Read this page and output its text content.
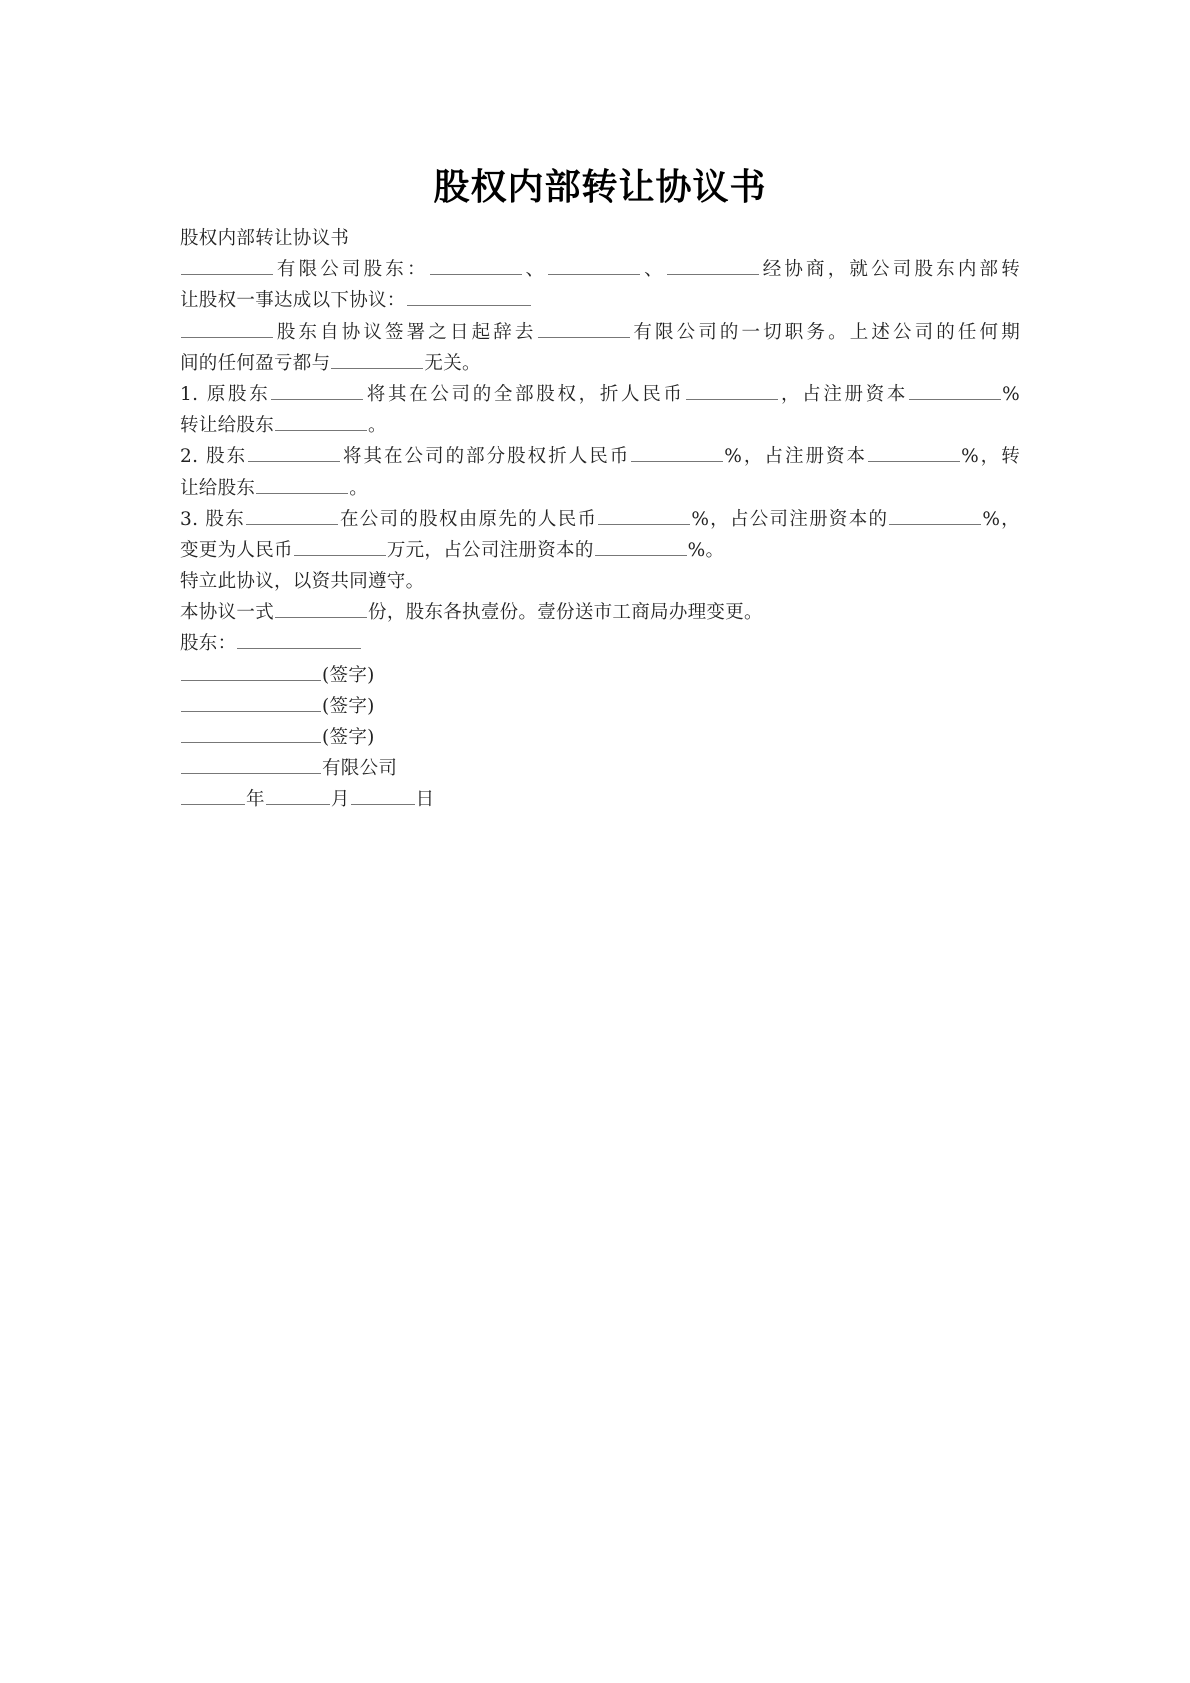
股权内部转让协议书
股权内部转让协议书
有限公司股东：	、	、	经协商，就公司股东内部转
让股权一事达成以下协议：
股东自协议签署之日起辞去	有限公司的一切职务。上述公司的任何期
间的任何盈亏都与	无关。
1. 原股东	将其在公司的全部股权，折人民币	，占注册资本	%
转让给股东	。
2. 股东	将其在公司的部分股权折人民币	%，占注册资本	%，转
让给股东	。
3. 股东	在公司的股权由原先的人民币	%，占公司注册资本的	%，
变更为人民币	万元，占公司注册资本的	%。
特立此协议，以资共同遵守。
本协议一式	份，股东各执壹份。壹份送市工商局办理变更。
股东：
(签字)
(签字)
(签字)
有限公司
年	月	日
